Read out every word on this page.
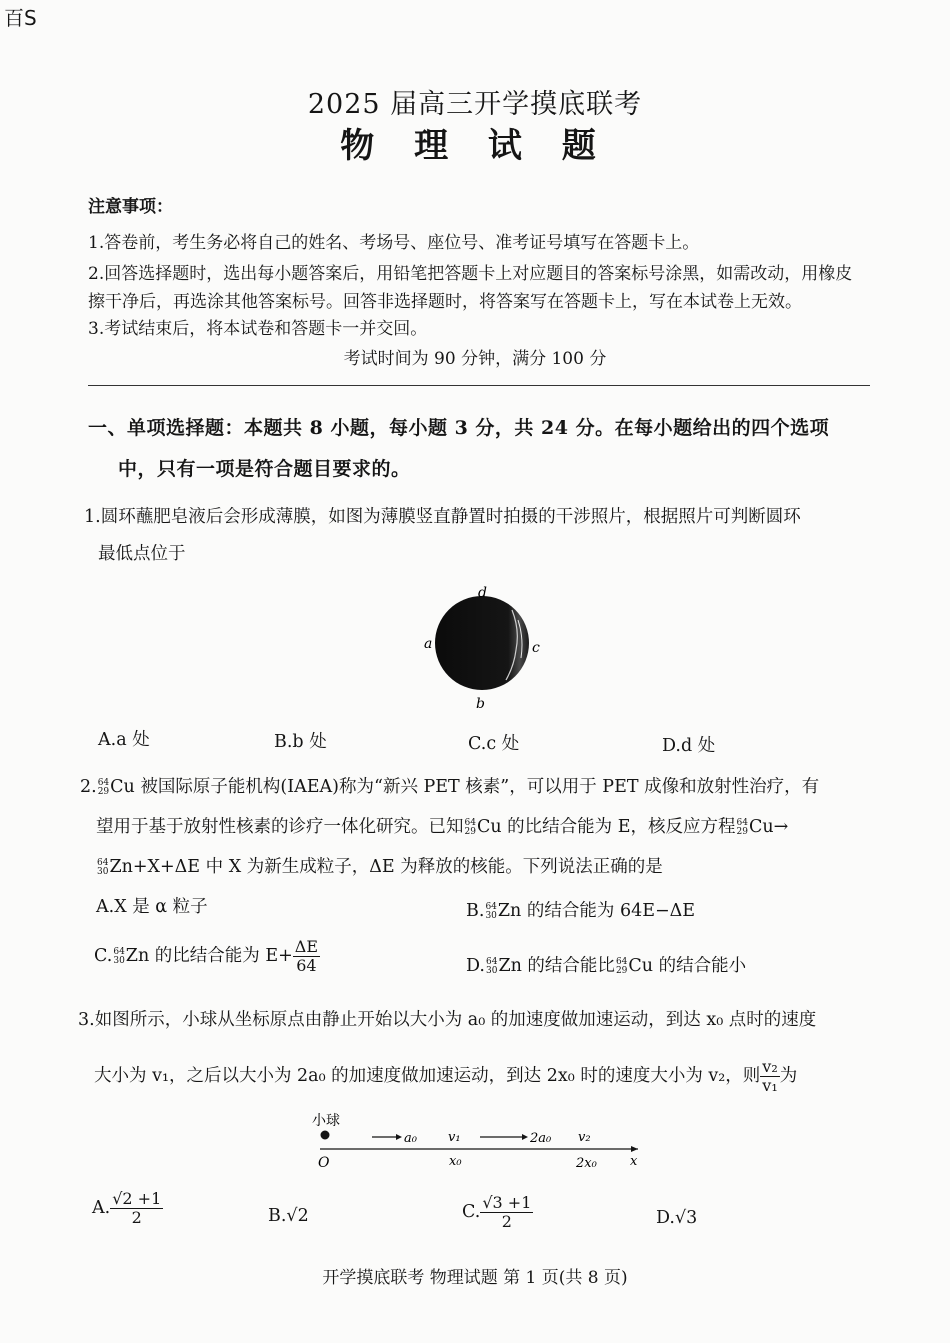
百S
2025 届高三开学摸底联考
物 理 试 题
注意事项：
1.答卷前，考生务必将自己的姓名、考场号、座位号、准考证号填写在答题卡上。
2.回答选择题时，选出每小题答案后，用铅笔把答题卡上对应题目的答案标号涂黑，如需改动，用橡皮
擦干净后，再选涂其他答案标号。回答非选择题时，将答案写在答题卡上，写在本试卷上无效。
3.考试结束后，将本试卷和答题卡一并交回。
考试时间为 90 分钟，满分 100 分
一、单项选择题：本题共 8 小题，每小题 3 分，共 24 分。在每小题给出的四个选项
中，只有一项是符合题目要求的。
1.圆环蘸肥皂液后会形成薄膜，如图为薄膜竖直静置时拍摄的干涉照片，根据照片可判断圆环
最低点位于
d
a	c
b
A.a 处	B.b 处	C.c 处	D.d 处
2. 64
29 Cu 被国际原子能机构(IAEA)称为“新兴 PET 核素”，可以用于 PET 成像和放射性治疗，有
望用于基于放射性核素的诊疗一体化研究。已知 64
29 Cu 的比结合能为 E，核反应方程 64
29 Cu→
64
30 Zn+X+ΔE 中 X 为新生成粒子，ΔE 为释放的核能。下列说法正确的是
A.X 是 α 粒子	B. 64
30 Zn 的结合能为 64E−ΔE
C. 64
30 Zn 的比结合能为 $E+ \frac{\Delta E}{64}$	D. 64
30 Zn 的结合能比 64
29 Cu 的结合能小
3.如图所示，小球从坐标原点由静止开始以大小为 a₀ 的加速度做加速运动，到达 x₀ 点时的速度
大小为 v₁，之后以大小为 2a₀ 的加速度做加速运动，到达 2x₀ 时的速度大小为 v₂，则 $\frac{\text{v₂}}{\text{v₁}}$ 为
小球
a₀ v₁	2a₀ v₂
O	x₀	2x₀	x
A. $\frac{√2 +1}{2}$	B.√2	C. $\frac{√3 +1}{2}$	D.√3
开学摸底联考 物理试题 第 1 页(共 8 页)
